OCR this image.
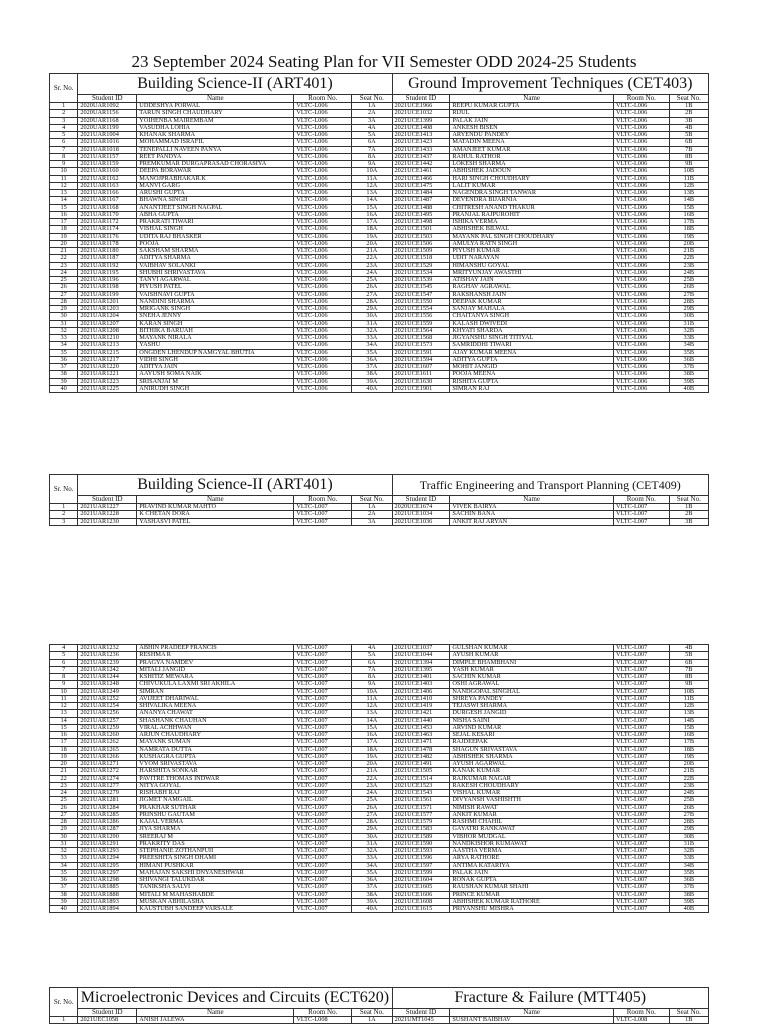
23 September 2024 Seating Plan for VII Semester ODD 2024-25 Students
Sr. No.	Building Science-II (ART401)				Ground Improvement Techniques (CET403)			
	Student ID	Name	Room No.	Seat No.	Student ID	Name	Room No.	Seat No.
1	2020UAR1092	UDDESHYA PORWAL	VLTC-L006	1A	2021UCE1966	REEPU KUMAR GUPTA	VLTC-L006	1B
2	2020UAR1156	TARUN SINGH CHAUDHARY	VLTC-L006	2A	2021UCE1032	RIJUL	VLTC-L006	2B
3	2020UAR1168	YOIHENBA MAIREMBAM	VLTC-L006	3A	2021UCE1399	PALAK JAIN	VLTC-L006	3B
4	2020UAR1199	VASUDHA LOHIA	VLTC-L006	4A	2021UCE1408	ANKESH BISEN	VLTC-L006	4B
5	2021UAR1004	KHANAK SHARMA	VLTC-L006	5A	2021UCE1413	ARYENDU PANDEY	VLTC-L006	5B
6	2021UAR1016	MOHAMMAD ISRAFIL	VLTC-L006	6A	2021UCE1423	MATADIN MEENA	VLTC-L006	6B
7	2021UAR1018	TENEPALLI NAVEEN PANYA	VLTC-L006	7A	2021UCE1433	AMANJEET KUMAR	VLTC-L006	7B
8	2021UAR1157	REET PANDYA	VLTC-L006	8A	2021UCE1437	RAHUL RATHOR	VLTC-L006	8B
9	2021UAR1159	PREMKUMAR DURGAPRASAD CHORASIYA	VLTC-L006	9A	2021UCE1442	LOKESH SHARMA	VLTC-L006	9B
10	2021UAR1160	DEEPA BORAWAR	VLTC-L006	10A	2021UCE1461	ABHISHEK JADOUN	VLTC-L006	10B
11	2021UAR1162	MANOJPRABHAKAR.K	VLTC-L006	11A	2021UCE1466	HARI SINGH CHOUDHARY	VLTC-L006	11B
12	2021UAR1163	MANVI GARG	VLTC-L006	12A	2021UCE1475	LALIT KUMAR	VLTC-L006	12B
13	2021UAR1166	ARUSHI GUPTA	VLTC-L006	13A	2021UCE1484	NAGENDRA SINGH TANWAR	VLTC-L006	13B
14	2021UAR1167	BHAWNA SINGH	VLTC-L006	14A	2021UCE1487	DEVENDRA BIJARNIA	VLTC-L006	14B
15	2021UAR1168	ANANTJEET SINGH NAGPAL	VLTC-L006	15A	2021UCE1488	CHITRESH ANAND THAKUR	VLTC-L006	15B
16	2021UAR1170	ABHA GUPTA	VLTC-L006	16A	2021UCE1495	PRANJAL RAJPUROHIT	VLTC-L006	16B
17	2021UAR1172	PRAKRATI TIWARI	VLTC-L006	17A	2021UCE1498	ISHIKA VERMA	VLTC-L006	17B
18	2021UAR1174	VISHAL SINGH	VLTC-L006	18A	2021UCE1501	ABHISHEK BILWAL	VLTC-L006	18B
19	2021UAR1176	UDITA RAJ BHASKER	VLTC-L006	19A	2021UCE1503	MAYANK PAL SINGH CHOUDHARY	VLTC-L006	19B
20	2021UAR1178	POOJA	VLTC-L006	20A	2021UCE1506	AMULYA RATN SINGH	VLTC-L006	20B
21	2021UAR1180	SAKSHAM SHARMA	VLTC-L006	21A	2021UCE1509	PIYUSH KUMAR	VLTC-L006	21B
22	2021UAR1187	ADITYA SHARMA	VLTC-L006	22A	2021UCE1518	UDIT NARAYAN	VLTC-L006	22B
23	2021UAR1192	VAIBHAV SOLANKI	VLTC-L006	23A	2021UCE1529	HIMANSHU GOYAL	VLTC-L006	23B
24	2021UAR1195	SHUBHI SHRIVASTAVA	VLTC-L006	24A	2021UCE1534	MRITYUNJAY AWASTHI	VLTC-L006	24B
25	2021UAR1196	TANVI AGARWAL	VLTC-L006	25A	2021UCE1539	ATISHAY JAIN	VLTC-L006	25B
26	2021UAR1198	PIYUSH PATEL	VLTC-L006	26A	2021UCE1545	RAGHAV AGRAWAL	VLTC-L006	26B
27	2021UAR1199	VAISHNAVI GUPTA	VLTC-L006	27A	2021UCE1547	RAKSHANSH JAIN	VLTC-L006	27B
28	2021UAR1201	NANDINI SHARMA	VLTC-L006	28A	2021UCE1550	DEEPAK KUMAR	VLTC-L006	28B
29	2021UAR1203	MRIGANK SINGH	VLTC-L006	29A	2021UCE1554	SANJAY MAHALA	VLTC-L006	29B
30	2021UAR1204	SNEHA JENNY	VLTC-L006	30A	2021UCE1556	CHAITANYA SINGH	VLTC-L006	30B
31	2021UAR1207	KARAN SINGH	VLTC-L006	31A	2021UCE1559	KALASH DWIVEDI	VLTC-L006	31B
32	2021UAR1208	BITHIKA BARUAH	VLTC-L006	32A	2021UCE1564	KHYATI SHARDA	VLTC-L006	32B
33	2021UAR1210	MAYANK NIRALA	VLTC-L006	33A	2021UCE1568	JIGYANSHU SINGH TITIYAL	VLTC-L006	33B
34	2021UAR1213	YASHU	VLTC-L006	34A	2021UCE1573	SAMRIDDHI TIWARI	VLTC-L006	34B
35	2021UAR1215	ONGDEN LHENDUP NAMGYAL BHUTIA	VLTC-L006	35A	2021UCE1591	AJAY KUMAR MEENA	VLTC-L006	35B
36	2021UAR1217	VIDHI SINGH	VLTC-L006	36A	2021UCE1594	ADITYA GUPTA	VLTC-L006	36B
37	2021UAR1220	ADITYA JAIN	VLTC-L006	37A	2021UCE1607	MOHIT JANGID	VLTC-L006	37B
38	2021UAR1221	AAYUSH SOMA NAIK	VLTC-L006	38A	2021UCE1611	POOJA MEENA	VLTC-L006	38B
39	2021UAR1223	SRISANJAI M	VLTC-L006	39A	2021UCE1630	RISHITA GUPTA	VLTC-L006	39B
40	2021UAR1225	ANIRUDH SINGH	VLTC-L006	40A	2021UCE1901	SIMRAN RAJ	VLTC-L006	40B
Sr. No.	Building Science-II (ART401)				Traffic Engineering and Transport Planning (CET409)			
	Student ID	Name	Room No.	Seat No.	Student ID	Name	Room No.	Seat No.
1	2021UAR1227	PRAVIND KUMAR MAHTO	VLTC-L007	1A	2020UCE1674	VIVEK BAIRYA	VLTC-L007	1B
2	2021UAR1228	K CHETAN DORA	VLTC-L007	2A	2021UCE1034	SACHIN BANA	VLTC-L007	2B
3	2021UAR1230	YASHASVI PATEL	VLTC-L007	3A	2021UCE1036	ANKIT RAJ ARYAN	VLTC-L007	3B
4	2021UAR1232	ABHIN PRADEEP FRANCIS	VLTC-L007	4A	2021UCE1037	GULSHAN KUMAR	VLTC-L007	4B
5	2021UAR1236	RESHMA R	VLTC-L007	5A	2021UCE1044	AYUSH KUMAR	VLTC-L007	5B
6	2021UAR1239	PRAGYA NAMDEV	VLTC-L007	6A	2021UCE1394	DIMPLE BHAMBHANI	VLTC-L007	6B
7	2021UAR1242	MITALI JANGID	VLTC-L007	7A	2021UCE1395	YASH KUMAR	VLTC-L007	7B
8	2021UAR1244	KSHITIZ MEWARA	VLTC-L007	8A	2021UCE1401	SACHIN KUMAR	VLTC-L007	8B
9	2021UAR1248	CHIVUKULA LAXMI SRI AKHILA	VLTC-L007	9A	2021UCE1403	OSHI AGRAWAL	VLTC-L007	9B
10	2021UAR1249	SIMRAN	VLTC-L007	10A	2021UCE1406	NANDGOPAL SINGHAL	VLTC-L007	10B
11	2021UAR1252	AVIJEET DHARIWAL	VLTC-L007	11A	2021UCE1410	SHREYA PANDEY	VLTC-L007	11B
12	2021UAR1254	SHIVALIKA MEENA	VLTC-L007	12A	2021UCE1419	TEJASWI SHARMA	VLTC-L007	12B
13	2021UAR1256	ANANYA CHAWAT	VLTC-L007	13A	2021UCE1421	DURGESH JANGID	VLTC-L007	13B
14	2021UAR1257	SHASHANK CHAUHAN	VLTC-L007	14A	2021UCE1440	NISHA SAINI	VLTC-L007	14B
15	2021UAR1259	VIRAL ACHHWAN	VLTC-L007	15A	2021UCE1453	ARVIND KUMAR	VLTC-L007	15B
16	2021UAR1260	ARJUN CHAUDHARY	VLTC-L007	16A	2021UCE1463	SEJAL KESARI	VLTC-L007	16B
17	2021UAR1262	MAYANK SUMAN	VLTC-L007	17A	2021UCE1471	RAJDEEPAK	VLTC-L007	17B
18	2021UAR1265	NAMRATA DUTTA	VLTC-L007	18A	2021UCE1478	SHAGUN SRIVASTAVA	VLTC-L007	18B
19	2021UAR1266	KUSHAGRA GUPTA	VLTC-L007	19A	2021UCE1482	ABHISHEK SHARMA	VLTC-L007	19B
20	2021UAR1271	VYOM SRIVASTAVA	VLTC-L007	20A	2021UCE1491	AYUSH AGARWAL	VLTC-L007	20B
21	2021UAR1272	HARSHITA SONKAR	VLTC-L007	21A	2021UCE1505	KANAK KUMAR	VLTC-L007	21B
22	2021UAR1274	PAVITRE THOMAS INDWAR	VLTC-L007	22A	2021UCE1514	RAJKUMAR NAGAR	VLTC-L007	22B
23	2021UAR1277	NITYA GOYAL	VLTC-L007	23A	2021UCE1523	RAKESH CHOUDHARY	VLTC-L007	23B
24	2021UAR1279	RISHABH RAJ	VLTC-L007	24A	2021UCE1543	VISHAL KUMAR	VLTC-L007	24B
25	2021UAR1281	JIGMET NAMGAIL	VLTC-L007	25A	2021UCE1561	DIVYANSH VASHISHTH	VLTC-L007	25B
26	2021UAR1284	PRAKHAR SUTHAR	VLTC-L007	26A	2021UCE1571	NIMISH RAWAT	VLTC-L007	26B
27	2021UAR1285	PRINSHU GAUTAM	VLTC-L007	27A	2021UCE1577	ANKIT KUMAR	VLTC-L007	27B
28	2021UAR1286	KAJAL VERMA	VLTC-L007	28A	2021UCE1579	RASHMI CHAHIL	VLTC-L007	28B
29	2021UAR1287	JIYA SHARMA	VLTC-L007	29A	2021UCE1583	GAYATRI RANKAWAT	VLTC-L007	29B
30	2021UAR1290	SREERAJ M	VLTC-L007	30A	2021UCE1589	VIBHOR MUDGAL	VLTC-L007	30B
31	2021UAR1291	PRAKRITY DAS	VLTC-L007	31A	2021UCE1590	NANDKISHOR KUMAWAT	VLTC-L007	31B
32	2021UAR1293	STEPHANIE ZOTHANPUII	VLTC-L007	32A	2021UCE1593	AASTHA VERMA	VLTC-L007	32B
33	2021UAR1294	PREESHITA SINGH DHAMI	VLTC-L007	33A	2021UCE1596	ARYA RATHORE	VLTC-L007	33B
34	2021UAR1295	HIMANI PUSHKAR	VLTC-L007	34A	2021UCE1597	ANTIMA KATARIYA	VLTC-L007	34B
35	2021UAR1297	MAHAJAN SAKSHI DNYANESHWAR	VLTC-L007	35A	2021UCE1599	PALAK JAIN	VLTC-L007	35B
36	2021UAR1298	SHIVANGI TALUKDAR	VLTC-L007	36A	2021UCE1604	RONAK GUPTA	VLTC-L007	36B
37	2021UAR1885	TANIKSHA SALVI	VLTC-L007	37A	2021UCE1605	RAUSHAN KUMAR SHAHI	VLTC-L007	37B
38	2021UAR1888	MITALI M MAHASHABDE	VLTC-L007	38A	2021UCE1606	PRINCE KUMAR	VLTC-L007	38B
39	2021UAR1893	MUSKAN ABHILASHA	VLTC-L007	39A	2021UCE1608	ABHISHEK KUMAR RATHORE	VLTC-L007	39B
40	2021UAR1894	KAUSTUBH SANDEEP VARSALE	VLTC-L007	40A	2021UCE1615	PRIYANSHU MISHRA	VLTC-L007	40B
Sr. No.	Microelectronic Devices and Circuits (ECT620)				Fracture & Failure (MTT405)			
	Student ID	Name	Room No.	Seat No.	Student ID	Name	Room No.	Seat No.
1	2021UEC1058	ANISH JALEWA	VLTC-L008	1A	2021UMT1045	SUSHANT BAIBHAV	VLTC-L008	1B
